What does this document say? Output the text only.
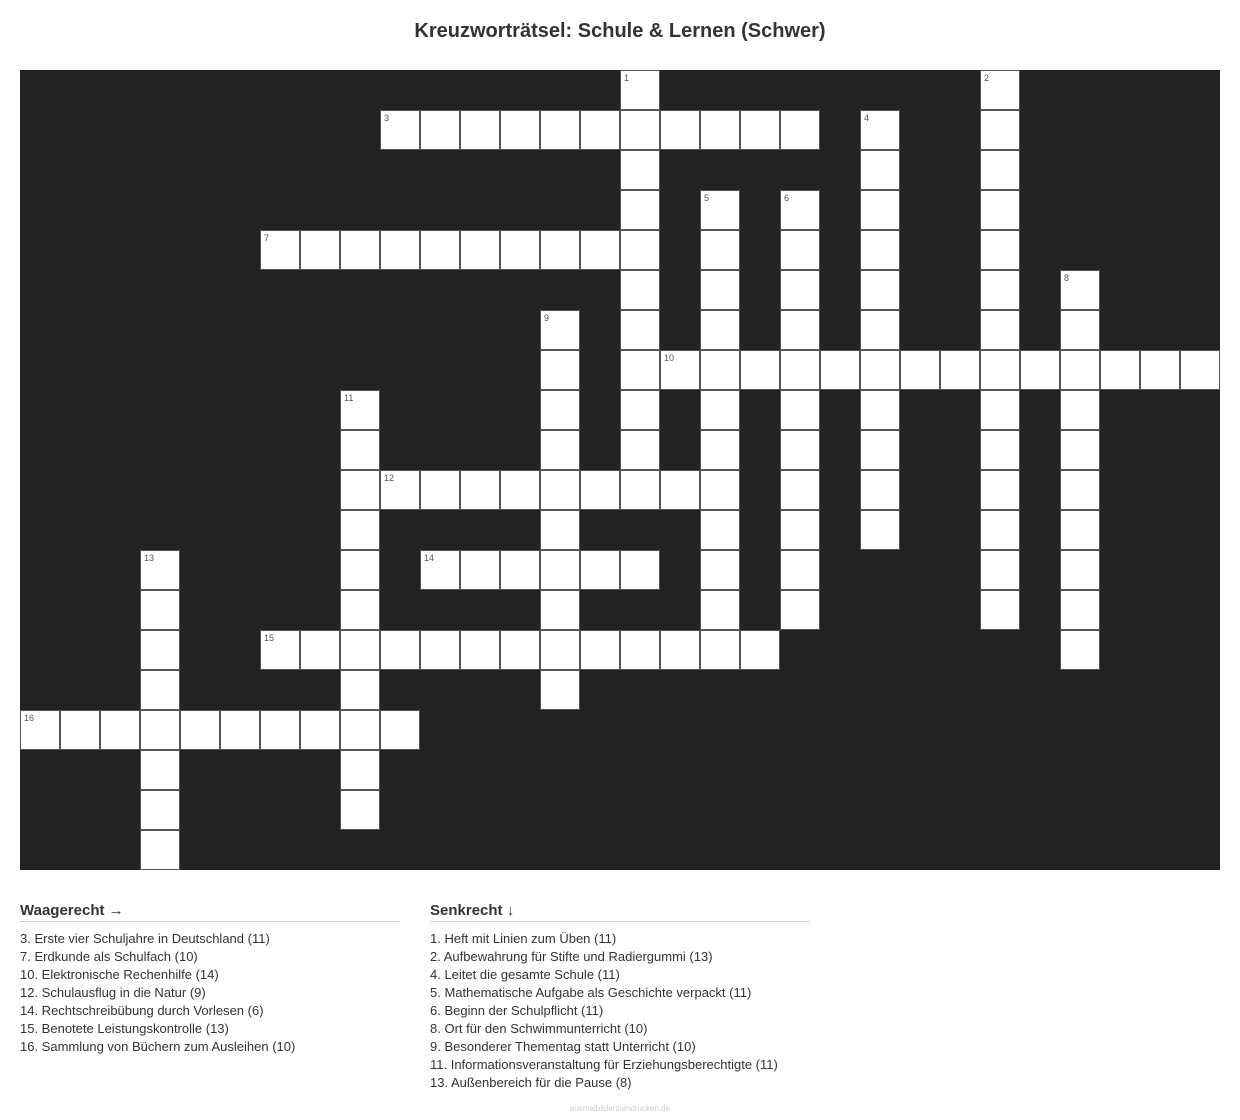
Kreuzworträtsel: Schule & Lernen (Schwer)
1	2
3	4
5	6
7
8
9
10
11
12
13	14
15
16
Waagerecht →
3. Erste vier Schuljahre in Deutschland (11)
7. Erdkunde als Schulfach (10)
10. Elektronische Rechenhilfe (14)
12. Schulausflug in die Natur (9)
14. Rechtschreibübung durch Vorlesen (6)
15. Benotete Leistungskontrolle (13)
16. Sammlung von Büchern zum Ausleihen (10)
Senkrecht ↓
1. Heft mit Linien zum Üben (11)
2. Aufbewahrung für Stifte und Radiergummi (13)
4. Leitet die gesamte Schule (11)
5. Mathematische Aufgabe als Geschichte verpackt (11)
6. Beginn der Schulpflicht (11)
8. Ort für den Schwimmunterricht (10)
9. Besonderer Thementag statt Unterricht (10)
11. Informationsveranstaltung für Erziehungsberechtigte (11)
13. Außenbereich für die Pause (8)
ausmalbilderzumdrucken.de
